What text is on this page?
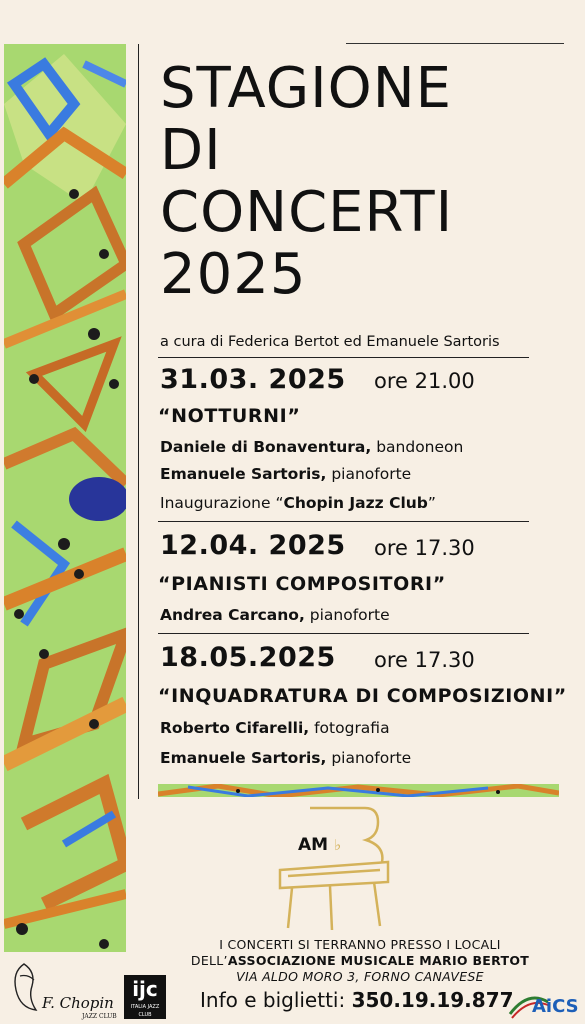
STAGIONE
DI
CONCERTI
2025
a cura di Federica Bertot ed Emanuele Sartoris
31.03. 2025 ore 21.00
“NOTTURNI”
Daniele di Bonaventura, bandoneon
Emanuele Sartoris, pianoforte
Inaugurazione “Chopin Jazz Club”
12.04. 2025 ore 17.30
“PIANISTI COMPOSITORI”
Andrea Carcano, pianoforte
18.05.2025 ore 17.30
“INQUADRATURA DI COMPOSIZIONI”
Roberto Cifarelli, fotografia
Emanuele Sartoris, pianoforte
AM ♭
I CONCERTI SI TERRANNO PRESSO I LOCALI
DELL’ASSOCIAZIONE MUSICALE MARIO BERTOT
VIA ALDO MORO 3, FORNO CANAVESE
Info e biglietti: 350.19.19.877
F. Chopin
JAZZ CLUB
ijc
ITALIA JAZZ CLUB	AiCS
